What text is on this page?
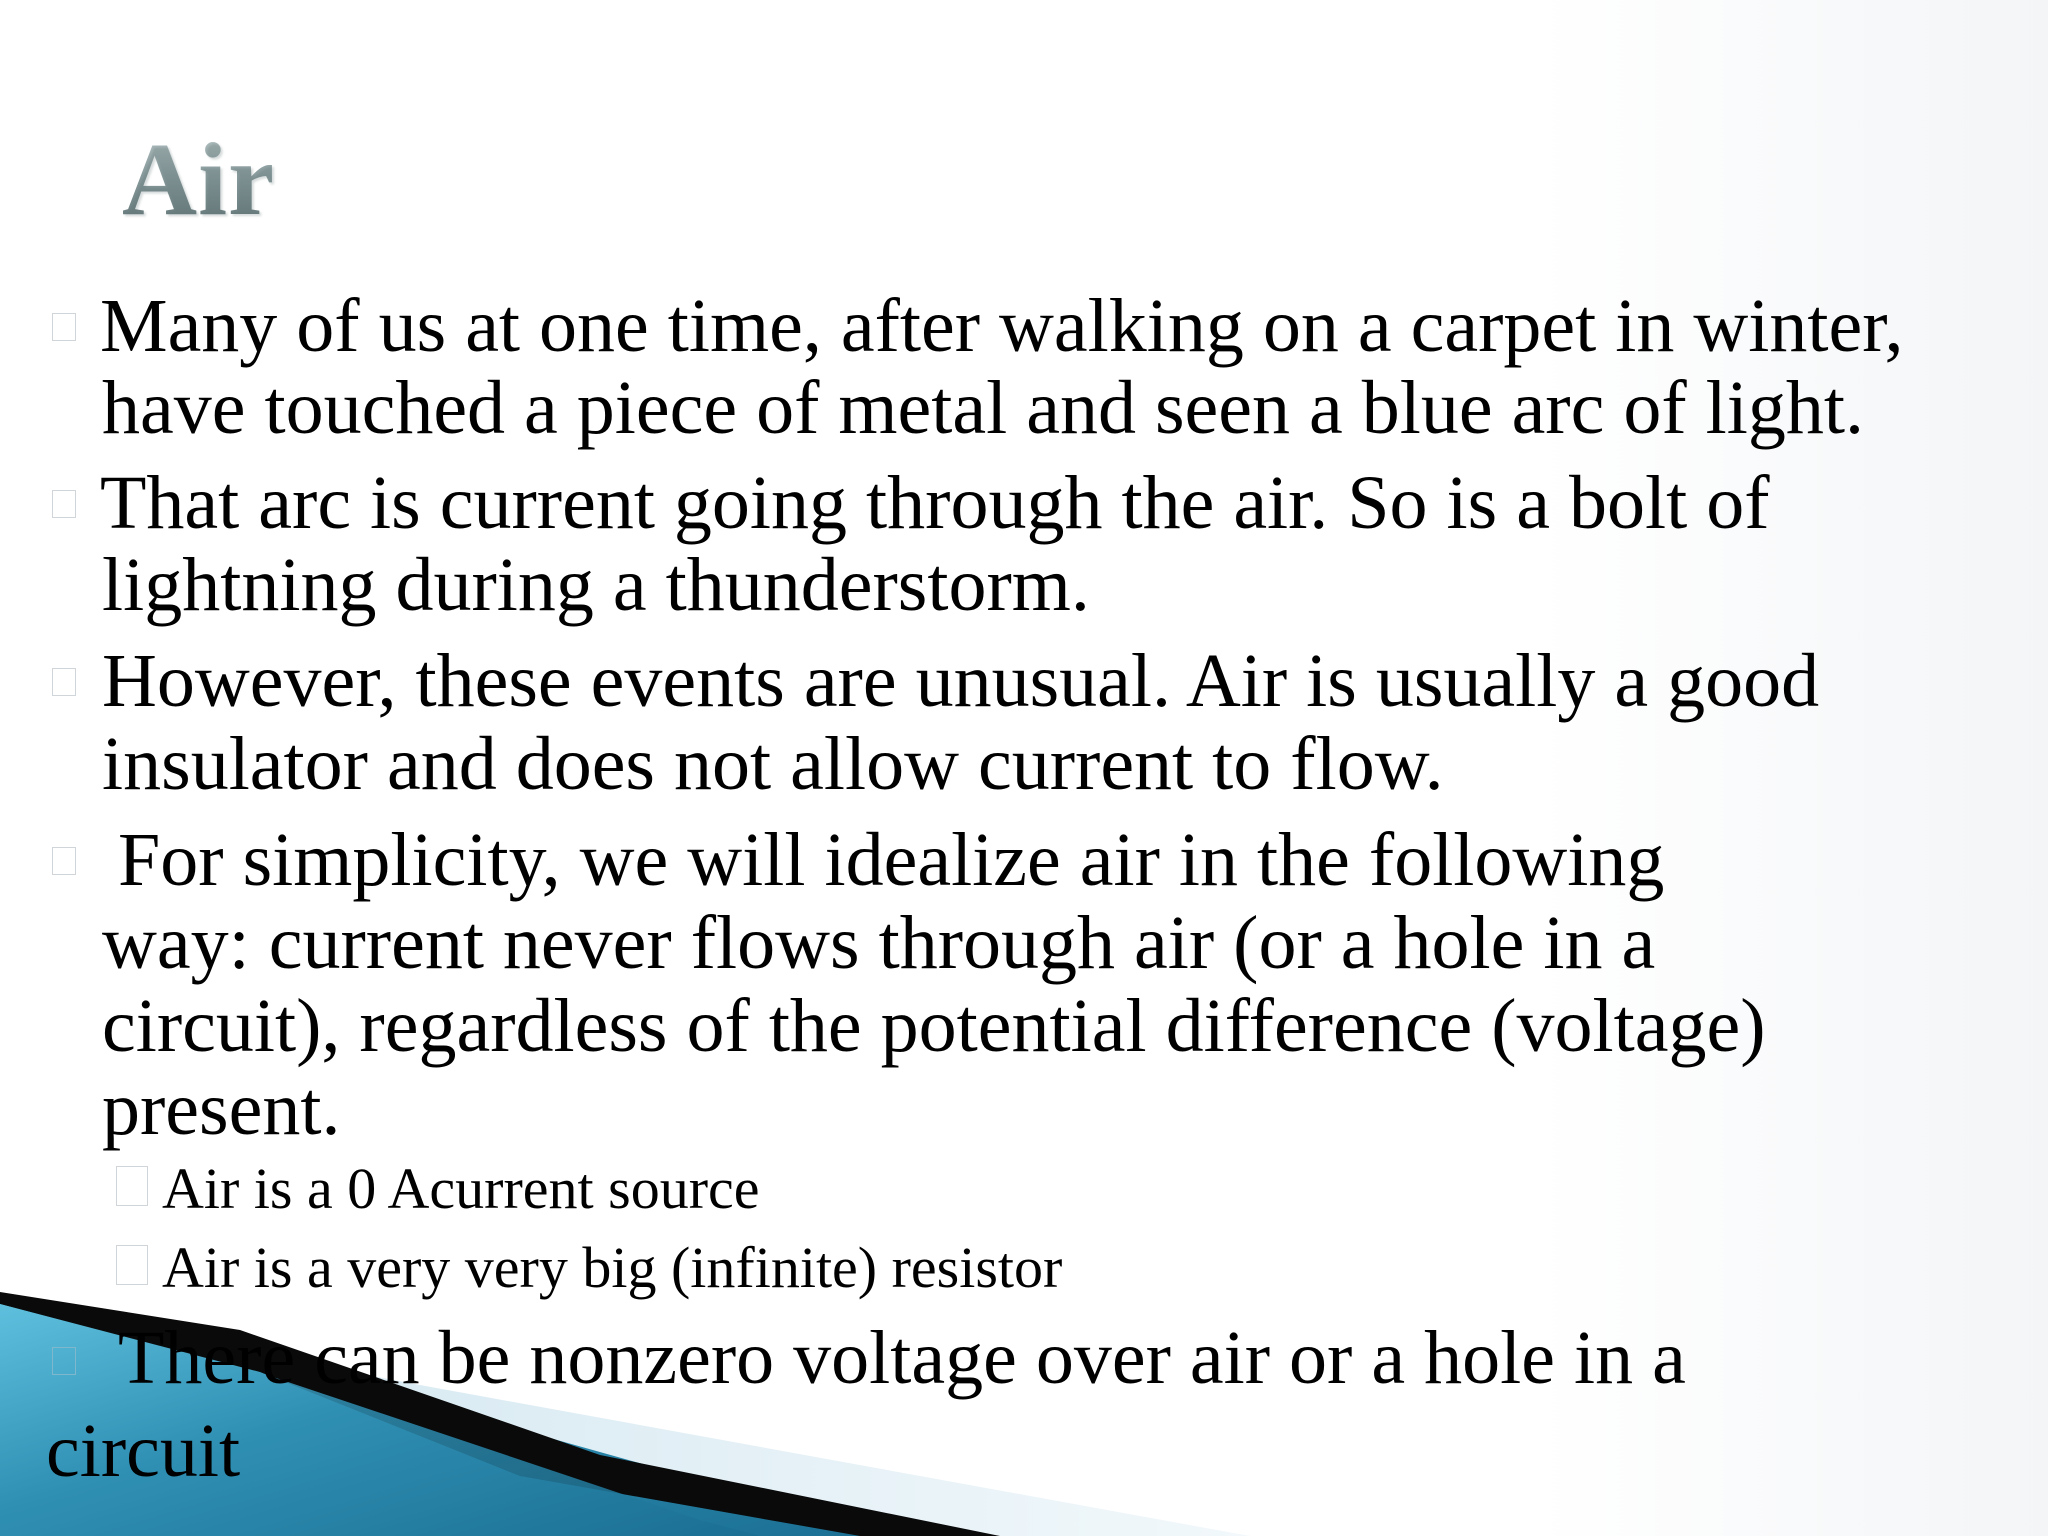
Air
Many of us at one time, after walking on a carpet in winter,
have touched a piece of metal and seen a blue arc of light.
That arc is current going through the air. So is a bolt of
lightning during a thunderstorm.
However, these events are unusual. Air is usually a good
insulator and does not allow current to flow.
For simplicity, we will idealize air in the following
way: current never flows through air (or a hole in a
circuit), regardless of the potential difference (voltage)
present.
Air is a 0 Acurrent source
Air is a very very big (infinite) resistor
There can be nonzero voltage over air or a hole in a
circuit
